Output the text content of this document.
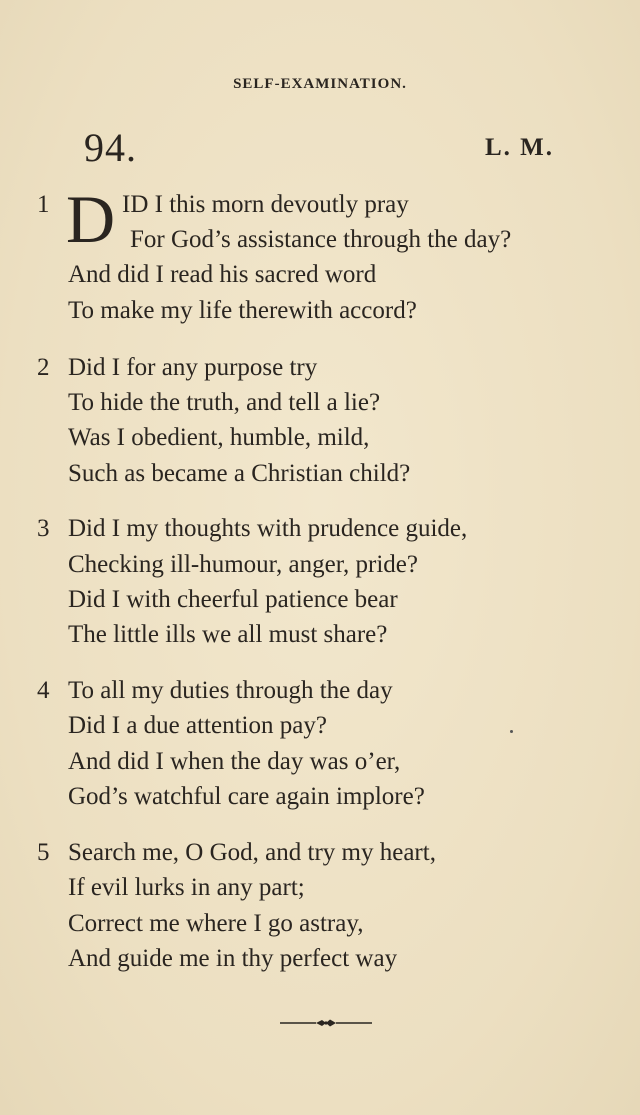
SELF-EXAMINATION.
94.	L. M.
1 D ID I this morn devoutly pray
For God’s assistance through the day?
And did I read his sacred word
To make my life therewith accord?
2 Did I for any purpose try
To hide the truth, and tell a lie?
Was I obedient, humble, mild,
Such as became a Christian child?
3 Did I my thoughts with prudence guide,
Checking ill-humour, anger, pride?
Did I with cheerful patience bear
The little ills we all must share?
4 To all my duties through the day
Did I a due attention pay?
And did I when the day was o’er,
God’s watchful care again implore?
5 Search me, O God, and try my heart,
If evil lurks in any part;
Correct me where I go astray,
And guide me in thy perfect way
